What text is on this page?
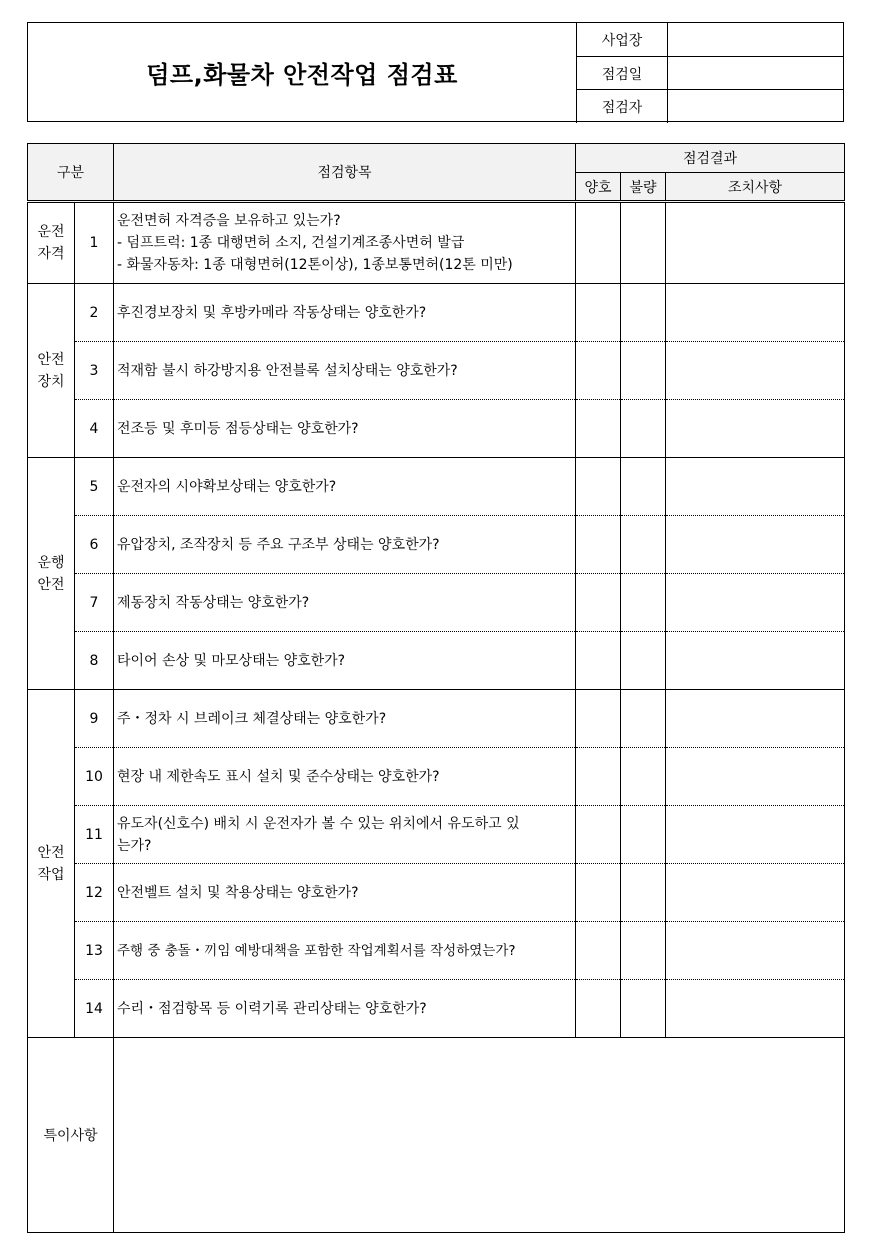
덤프,화물차 안전작업 점검표
사업장
점검일
점검자
구분		점검항목	점검결과		
			양호	불량	조치사항
운전
자격	1	운전면허 자격증을 보유하고 있는가?
- 덤프트럭: 1종 대행면허 소지, 건설기계조종사면허 발급
- 화물자동차: 1종 대형면허(12톤이상), 1종보통면허(12톤 미만)			
안전
장치	2	후진경보장치 및 후방카메라 작동상태는 양호한가?			
	3	적재함 불시 하강방지용 안전블록 설치상태는 양호한가?			
	4	전조등 및 후미등 점등상태는 양호한가?			
운행
안전	5	운전자의 시야확보상태는 양호한가?			
	6	유압장치, 조작장치 등 주요 구조부 상태는 양호한가?			
	7	제동장치 작동상태는 양호한가?			
	8	타이어 손상 및 마모상태는 양호한가?			
안전
작업	9	주・정차 시 브레이크 체결상태는 양호한가?			
	10	현장 내 제한속도 표시 설치 및 준수상태는 양호한가?			
	11	유도자(신호수) 배치 시 운전자가 볼 수 있는 위치에서 유도하고 있
는가?			
	12	안전벨트 설치 및 착용상태는 양호한가?			
	13	주행 중 충돌・끼임 예방대책을 포함한 작업계획서를 작성하였는가?			
	14	수리・점검항목 등 이력기록 관리상태는 양호한가?			
특이사항					
